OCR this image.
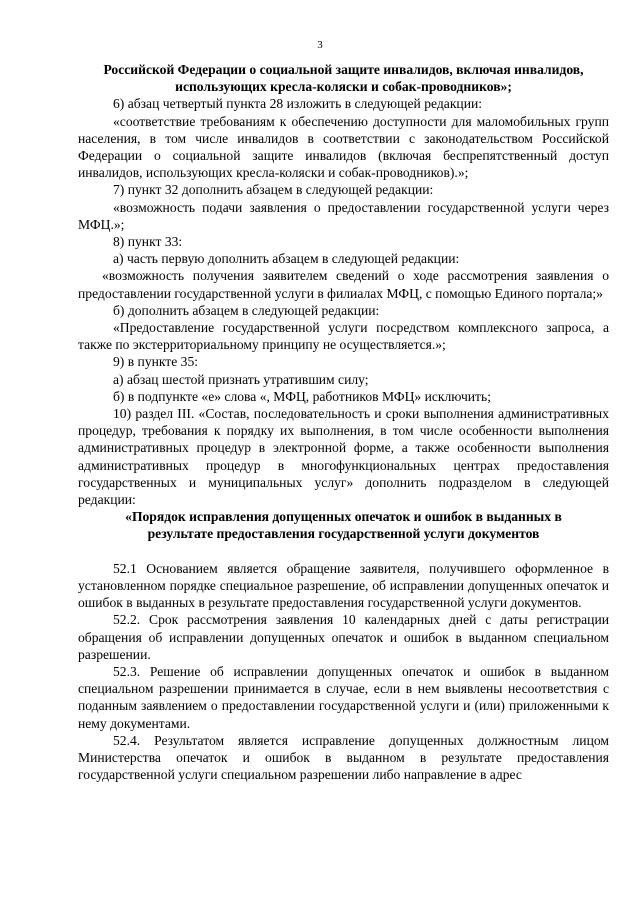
3

Российской Федерации о социальной защите инвалидов, включая инвалидов, использующих кресла-коляски и собак-проводников»;

6) абзац четвертый пункта 28 изложить в следующей редакции:

«соответствие требованиям к обеспечению доступности для маломобильных групп населения, в том числе инвалидов в соответствии с законодательством Российской Федерации о социальной защите инвалидов (включая беспрепятственный доступ инвалидов, использующих кресла-коляски и собак-проводников).»;

7) пункт 32 дополнить абзацем в следующей редакции:

«возможность подачи заявления о предоставлении государственной услуги через МФЦ.»;

8) пункт 33:

а) часть первую дополнить абзацем в следующей редакции:

«возможность получения заявителем сведений о ходе рассмотрения заявления о предоставлении государственной услуги в филиалах МФЦ, с помощью Единого портала;»

б) дополнить абзацем в следующей редакции:

«Предоставление государственной услуги посредством комплексного запроса, а также по экстерриториальному принципу не осуществляется.»;

9) в пункте 35:

а) абзац шестой признать утратившим силу;

б) в подпункте «е» слова «, МФЦ, работников МФЦ» исключить;

10) раздел III. «Состав, последовательность и сроки выполнения административных процедур, требования к порядку их выполнения, в том числе особенности выполнения административных процедур в электронной форме, а также особенности выполнения административных процедур в многофункциональных центрах предоставления государственных и муниципальных услуг» дополнить подразделом в следующей редакции:

«Порядок исправления допущенных опечаток и ошибок в выданных в результате предоставления государственной услуги документов

52.1 Основанием является обращение заявителя, получившего оформленное в установленном порядке специальное разрешение, об исправлении допущенных опечаток и ошибок в выданных в результате предоставления государственной услуги документов.

52.2. Срок рассмотрения заявления 10 календарных дней с даты регистрации обращения об исправлении допущенных опечаток и ошибок в выданном специальном разрешении.

52.3. Решение об исправлении допущенных опечаток и ошибок в выданном специальном разрешении принимается в случае, если в нем выявлены несоответствия с поданным заявлением о предоставлении государственной услуги и (или) приложенными к нему документами.

52.4. Результатом является исправление допущенных должностным лицом Министерства опечаток и ошибок в выданном в результате предоставления государственной услуги специальном разрешении либо направление в адрес
